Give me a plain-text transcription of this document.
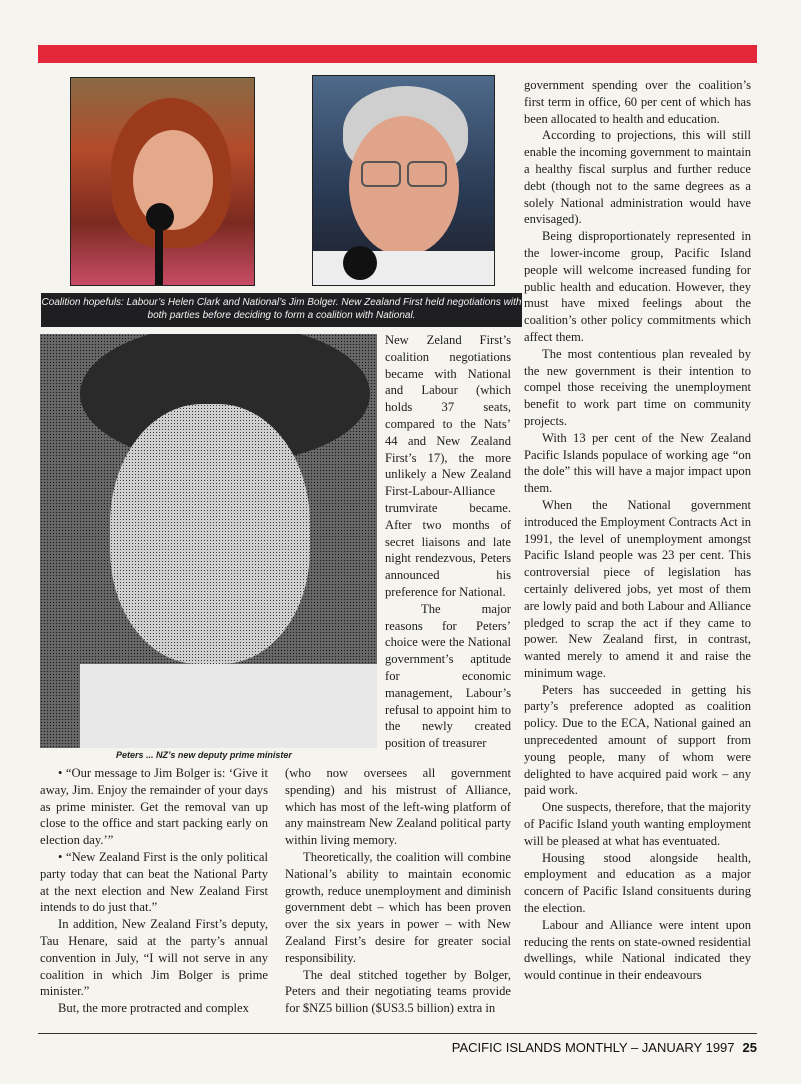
Coalition hopefuls: Labour’s Helen Clark and National’s Jim Bolger. New Zealand First held negotiations with both parties before deciding to form a coalition with National.
Peters ... NZ’s new deputy prime minister

New Zeland First’s coalition negotiations became with National and Labour (which holds 37 seats, compared to the Nats’ 44 and New Zealand First’s 17), the more unlikely a New Zealand First-Labour-Alliance trumvirate became. After two months of secret liaisons and late night rendezvous, Peters announced his preference for National.

The major reasons for Peters’ choice were the National government’s aptitude for economic management, Labour’s refusal to appoint him to the newly created position of treasurer

• “Our message to Jim Bolger is: ‘Give it away, Jim. Enjoy the remainder of your days as prime minister. Get the removal van up close to the office and start packing early on election day.’”

• “New Zealand First is the only political party today that can beat the National Party at the next election and New Zealand First intends to do just that.”

In addition, New Zealand First’s deputy, Tau Henare, said at the party’s annual convention in July, “I will not serve in any coalition in which Jim Bolger is prime minister.”

But, the more protracted and complex

(who now oversees all government spending) and his mistrust of Alliance, which has most of the left-wing platform of any mainstream New Zealand political party within living memory.

Theoretically, the coalition will combine National’s ability to maintain economic growth, reduce unemployment and diminish government debt – which has been proven over the six years in power – with New Zealand First’s desire for greater social responsibility.

The deal stitched together by Bolger, Peters and their negotiating teams provide for $NZ5 billion ($US3.5 billion) extra in

government spending over the coalition’s first term in office, 60 per cent of which has been allocated to health and education.

According to projections, this will still enable the incoming government to maintain a healthy fiscal surplus and further reduce debt (though not to the same degrees as a solely National administration would have envisaged).

Being disproportionately represented in the lower-income group, Pacific Island people will welcome increased funding for public health and education. However, they must have mixed feelings about the coalition’s other policy commitments which affect them.

The most contentious plan revealed by the new government is their intention to compel those receiving the unemployment benefit to work part time on community projects.

With 13 per cent of the New Zealand Pacific Islands populace of working age “on the dole” this will have a major impact upon them.

When the National government introduced the Employment Contracts Act in 1991, the level of unemployment amongst Pacific Island people was 23 per cent. This controversial piece of legislation has certainly delivered jobs, yet most of them are lowly paid and both Labour and Alliance pledged to scrap the act if they came to power. New Zealand first, in contrast, wanted merely to amend it and raise the minimum wage.

Peters has succeeded in getting his party’s preference adopted as coalition policy. Due to the ECA, National gained an unprecedented amount of support from young people, many of whom were delighted to have acquired paid work – any paid work.

One suspects, therefore, that the majority of Pacific Island youth wanting employment will be pleased at what has eventuated.

Housing stood alongside health, employment and education as a major concern of Pacific Island consituents during the election.

Labour and Alliance were intent upon reducing the rents on state-owned residential dwellings, while National indicated they would continue in their endeavours

PACIFIC ISLANDS MONTHLY – JANUARY 1997 25
